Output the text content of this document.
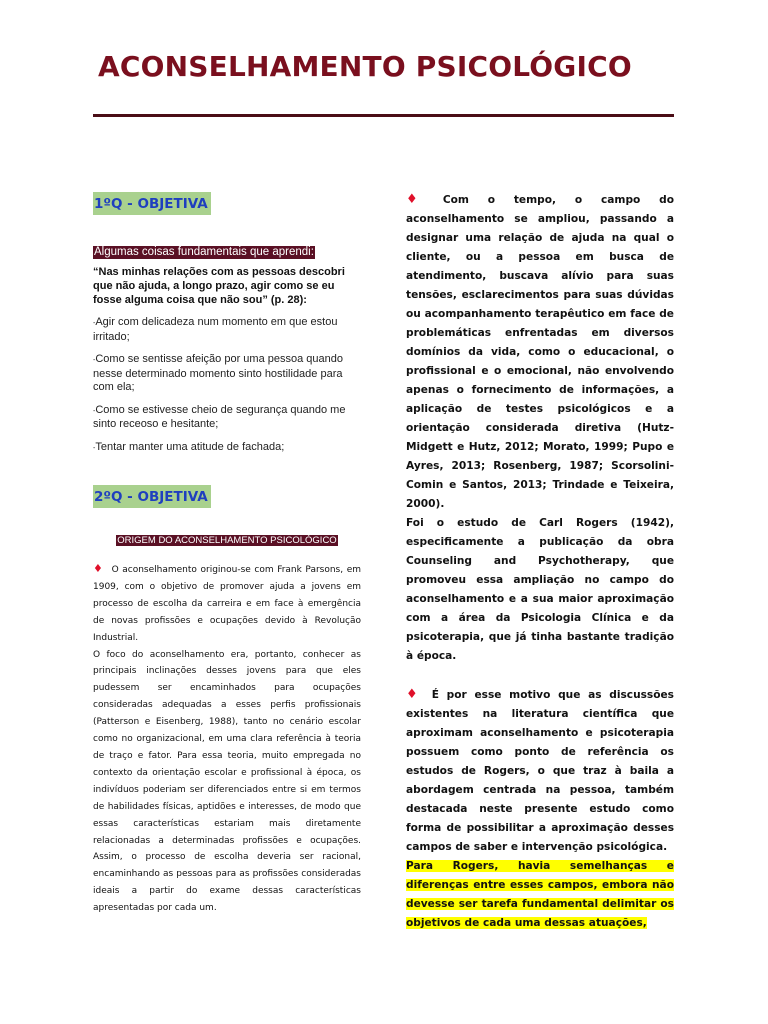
ACONSELHAMENTO PSICOLÓGICO
1ºQ - OBJETIVA
Algumas coisas fundamentais que aprendi:

“Nas minhas relações com as pessoas descobri que não ajuda, a longo prazo, agir como se eu fosse alguma coisa que não sou” (p. 28):

-Agir com delicadeza num momento em que estou irritado;

-Como se sentisse afeição por uma pessoa quando nesse determinado momento sinto hostilidade para com ela;

-Como se estivesse cheio de segurança quando me sinto receoso e hesitante;

-Tentar manter uma atitude de fachada;

2ºQ - OBJETIVA
ORIGEM DO ACONSELHAMENTO PSICOLÓGICO

♦ O aconselhamento originou-se com Frank Parsons, em 1909, com o objetivo de promover ajuda a jovens em processo de escolha da carreira e em face à emergência de novas profissões e ocupações devido à Revolução Industrial.

O foco do aconselhamento era, portanto, conhecer as principais inclinações desses jovens para que eles pudessem ser encaminhados para ocupações consideradas adequadas a esses perfis profissionais (Patterson e Eisenberg, 1988), tanto no cenário escolar como no organizacional, em uma clara referência à teoria de traço e fator. Para essa teoria, muito empregada no contexto da orientação escolar e profissional à época, os indivíduos poderiam ser diferenciados entre si em termos de habilidades físicas, aptidões e interesses, de modo que essas características estariam mais diretamente relacionadas a determinadas profissões e ocupações. Assim, o processo de escolha deveria ser racional, encaminhando as pessoas para as profissões consideradas ideais a partir do exame dessas características apresentadas por cada um.

♦ Com o tempo, o campo do aconselhamento se ampliou, passando a designar uma relação de ajuda na qual o cliente, ou a pessoa em busca de atendimento, buscava alívio para suas tensões, esclarecimentos para suas dúvidas ou acompanhamento terapêutico em face de problemáticas enfrentadas em diversos domínios da vida, como o educacional, o profissional e o emocional, não envolvendo apenas o fornecimento de informações, a aplicação de testes psicológicos e a orientação considerada diretiva (Hutz-Midgett e Hutz, 2012; Morato, 1999; Pupo e Ayres, 2013; Rosenberg, 1987; Scorsolini-Comin e Santos, 2013; Trindade e Teixeira, 2000).

Foi o estudo de Carl Rogers (1942), especificamente a publicação da obra Counseling and Psychotherapy, que promoveu essa ampliação no campo do aconselhamento e a sua maior aproximação com a área da Psicologia Clínica e da psicoterapia, que já tinha bastante tradição à época.

♦ É por esse motivo que as discussões existentes na literatura científica que aproximam aconselhamento e psicoterapia possuem como ponto de referência os estudos de Rogers, o que traz à baila a abordagem centrada na pessoa, também destacada neste presente estudo como forma de possibilitar a aproximação desses campos de saber e intervenção psicológica.

Para Rogers, havia semelhanças e diferenças entre esses campos, embora não devesse ser tarefa fundamental delimitar os objetivos de cada uma dessas atuações,
